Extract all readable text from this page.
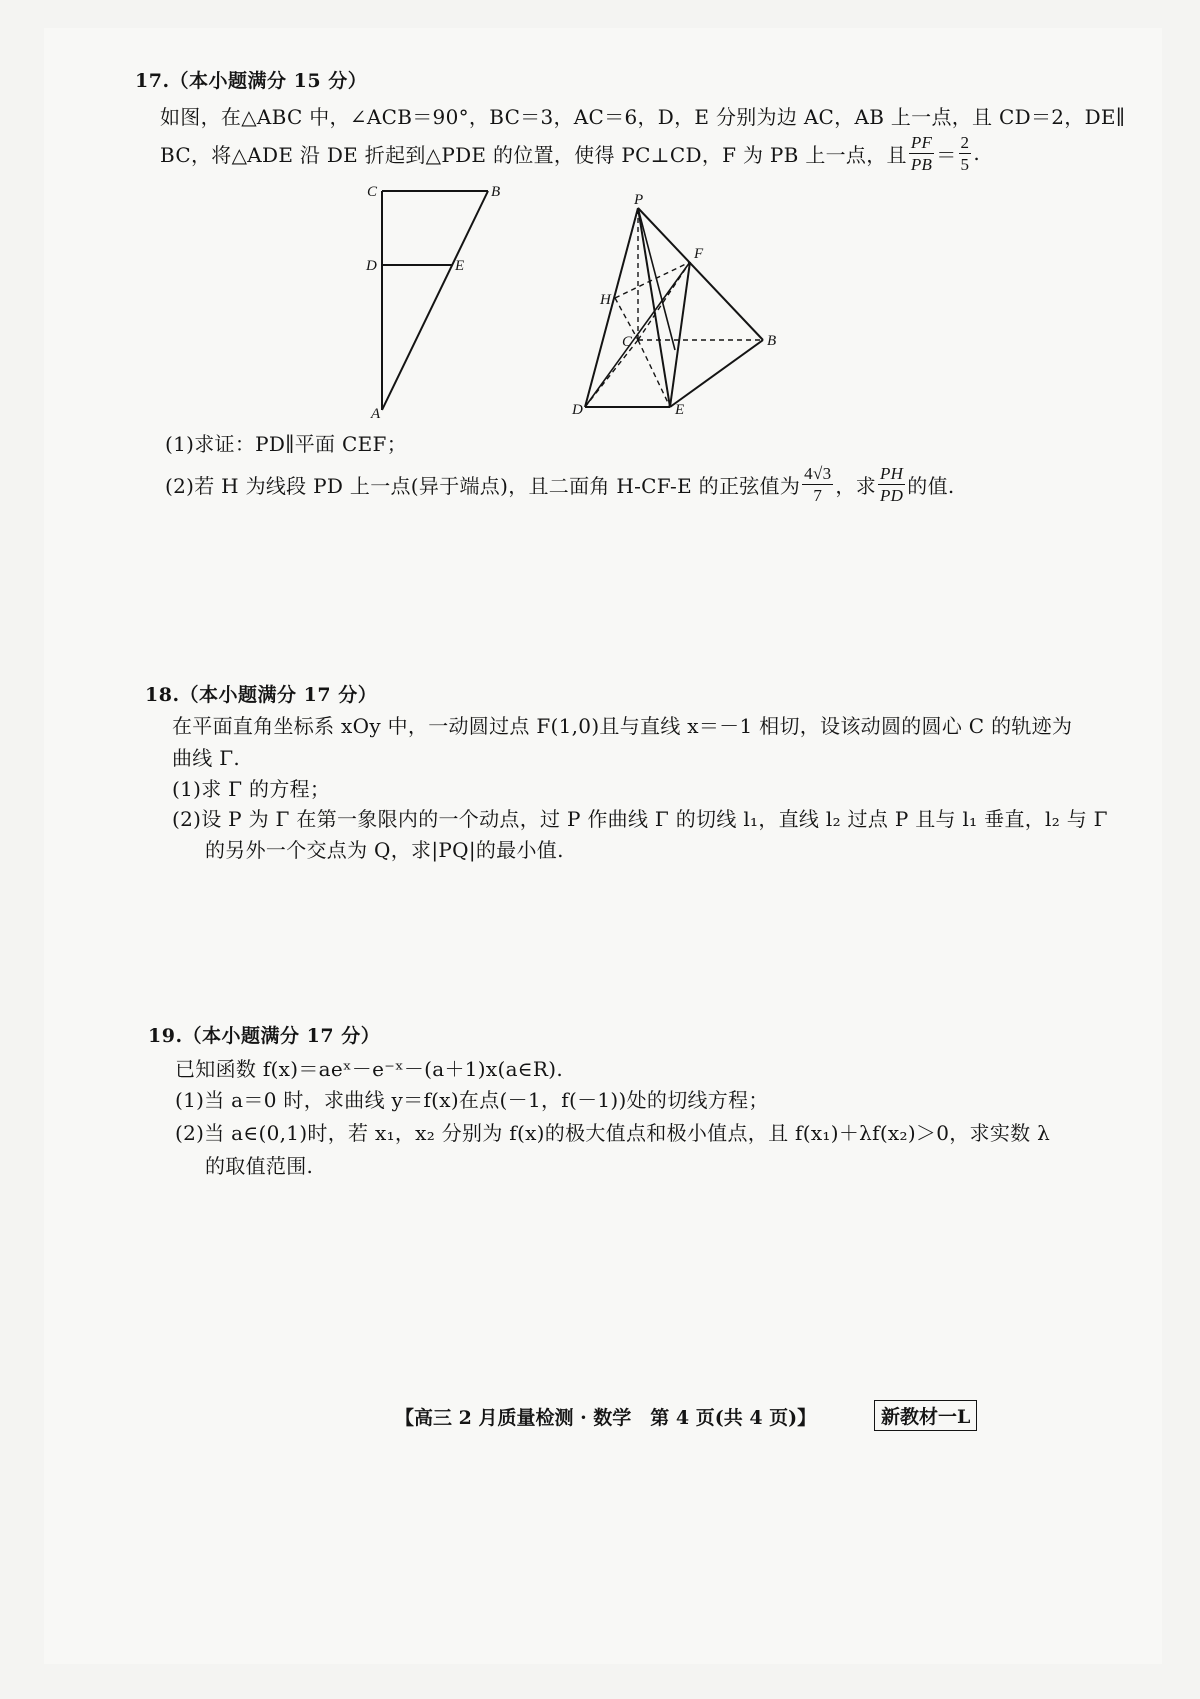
17.（本小题满分 15 分）
如图，在△ABC 中，∠ACB＝90°，BC＝3，AC＝6，D，E 分别为边 AC，AB 上一点，且 CD＝2，DE∥
BC，将△ADE 沿 DE 折起到△PDE 的位置，使得 PC⊥CD，F 为 PB 上一点，且 $\frac{PF}{PB} = \frac{2}{5}$ .
C	B
D	E
A
P
F
H
C	B
D	E
(1)求证：PD∥平面 CEF；
(2)若 H 为线段 PD 上一点(异于端点)，且二面角 H-CF-E 的正弦值为 $\frac{4√3}{7}$ ，求 $\frac{PH}{PD}$ 的值.
18.（本小题满分 17 分）
在平面直角坐标系 xOy 中，一动圆过点 F(1,0)且与直线 x＝－1 相切，设该动圆的圆心 C 的轨迹为
曲线 Γ.
(1)求 Γ 的方程；
(2)设 P 为 Γ 在第一象限内的一个动点，过 P 作曲线 Γ 的切线 l₁，直线 l₂ 过点 P 且与 l₁ 垂直，l₂ 与 Γ
的另外一个交点为 Q，求|PQ|的最小值.
19.（本小题满分 17 分）
已知函数 f(x)＝aeˣ－e⁻ˣ－(a＋1)x(a∈R).
(1)当 a＝0 时，求曲线 y＝f(x)在点(－1，f(－1))处的切线方程；
(2)当 a∈(0,1)时，若 x₁，x₂ 分别为 f(x)的极大值点和极小值点，且 f(x₁)＋λf(x₂)＞0，求实数 λ
的取值范围.
【高三 2 月质量检测 · 数学　第 4 页(共 4 页)】	新教材一L
